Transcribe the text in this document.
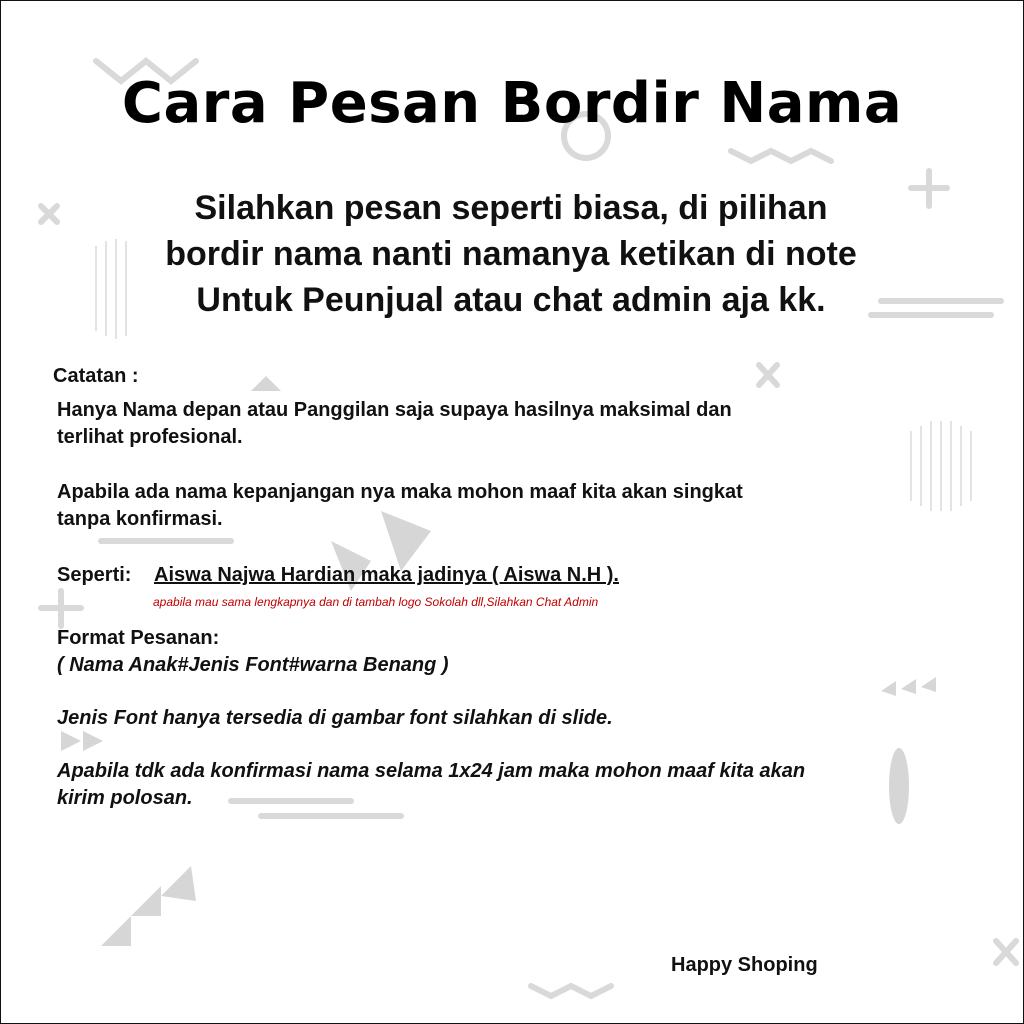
Cara Pesan Bordir Nama
Silahkan pesan seperti biasa, di pilihan
bordir nama nanti namanya ketikan di note
Untuk Peunjual atau chat admin aja kk.
Catatan :
Hanya Nama depan atau Panggilan saja supaya hasilnya maksimal dan
terlihat profesional.
Apabila ada nama kepanjangan nya maka mohon maaf kita akan singkat
tanpa konfirmasi.
Seperti: Aiswa Najwa Hardian maka jadinya ( Aiswa N.H ).
apabila mau sama lengkapnya dan di tambah logo Sokolah dll,Silahkan Chat Admin
Format Pesanan:
( Nama Anak#Jenis Font#warna Benang )
Jenis Font hanya tersedia di gambar font silahkan di slide.
Apabila tdk ada konfirmasi nama selama 1x24 jam maka mohon maaf kita akan
kirim polosan.
Happy Shoping
